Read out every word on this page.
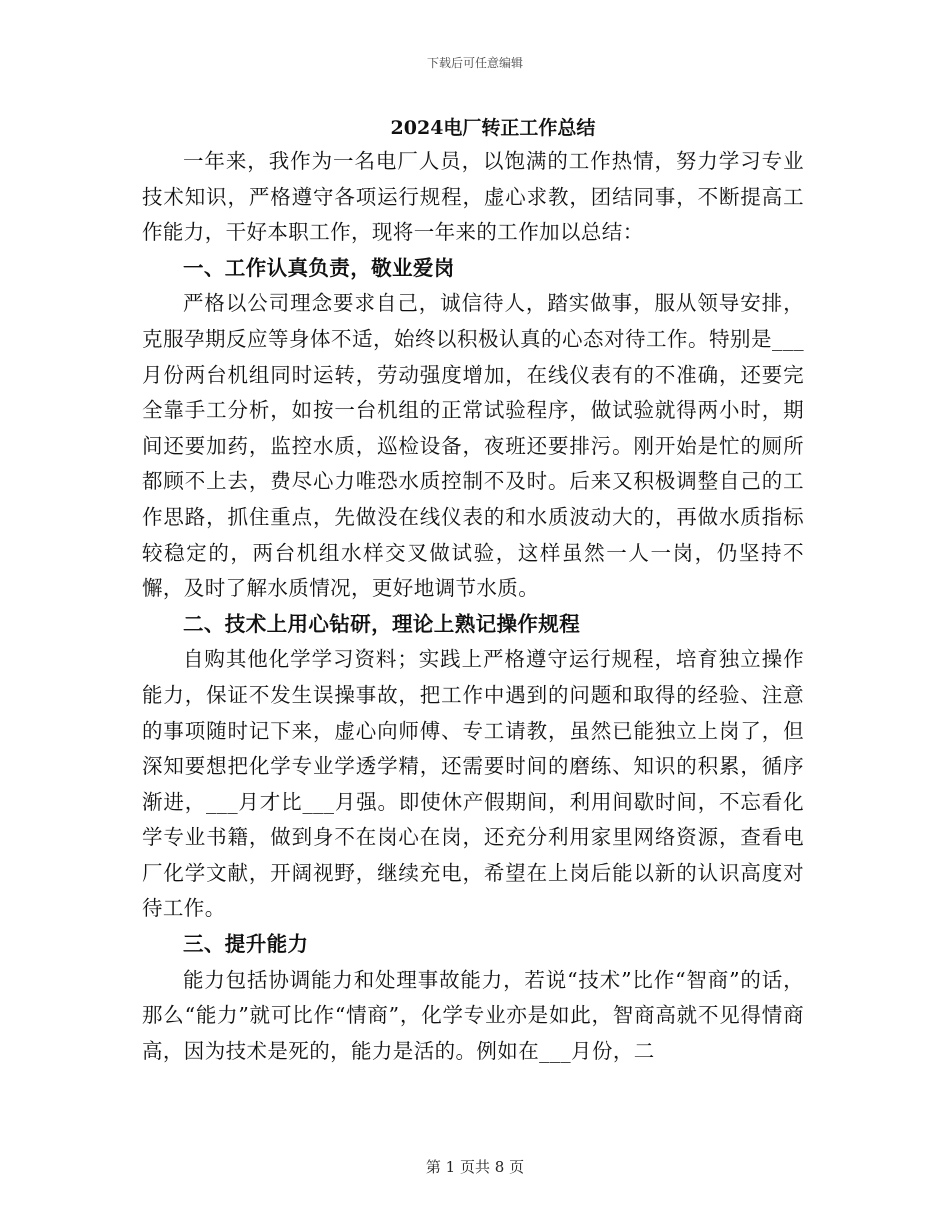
下载后可任意编辑
2024电厂转正工作总结

一年来，我作为一名电厂人员，以饱满的工作热情，努力学习专业技术知识，严格遵守各项运行规程，虚心求教，团结同事，不断提高工作能力，干好本职工作，现将一年来的工作加以总结：

一、工作认真负责，敬业爱岗

严格以公司理念要求自己，诚信待人，踏实做事，服从领导安排，克服孕期反应等身体不适，始终以积极认真的心态对待工作。特别是___月份两台机组同时运转，劳动强度增加，在线仪表有的不准确，还要完全靠手工分析，如按一台机组的正常试验程序，做试验就得两小时，期间还要加药，监控水质，巡检设备，夜班还要排污。刚开始是忙的厕所都顾不上去，费尽心力唯恐水质控制不及时。后来又积极调整自己的工作思路，抓住重点，先做没在线仪表的和水质波动大的，再做水质指标较稳定的，两台机组水样交叉做试验，这样虽然一人一岗，仍坚持不懈，及时了解水质情况，更好地调节水质。

二、技术上用心钻研，理论上熟记操作规程

自购其他化学学习资料；实践上严格遵守运行规程，培育独立操作能力，保证不发生误操事故，把工作中遇到的问题和取得的经验、注意的事项随时记下来，虚心向师傅、专工请教，虽然已能独立上岗了，但深知要想把化学专业学透学精，还需要时间的磨练、知识的积累，循序渐进，___月才比___月强。即使休产假期间，利用间歇时间，不忘看化学专业书籍，做到身不在岗心在岗，还充分利用家里网络资源，查看电厂化学文献，开阔视野，继续充电，希望在上岗后能以新的认识高度对待工作。

三、提升能力

能力包括协调能力和处理事故能力，若说“技术”比作“智商”的话，那么“能力”就可比作“情商”，化学专业亦是如此，智商高就不见得情商高，因为技术是死的，能力是活的。例如在___月份，二

第 1 页共 8 页
